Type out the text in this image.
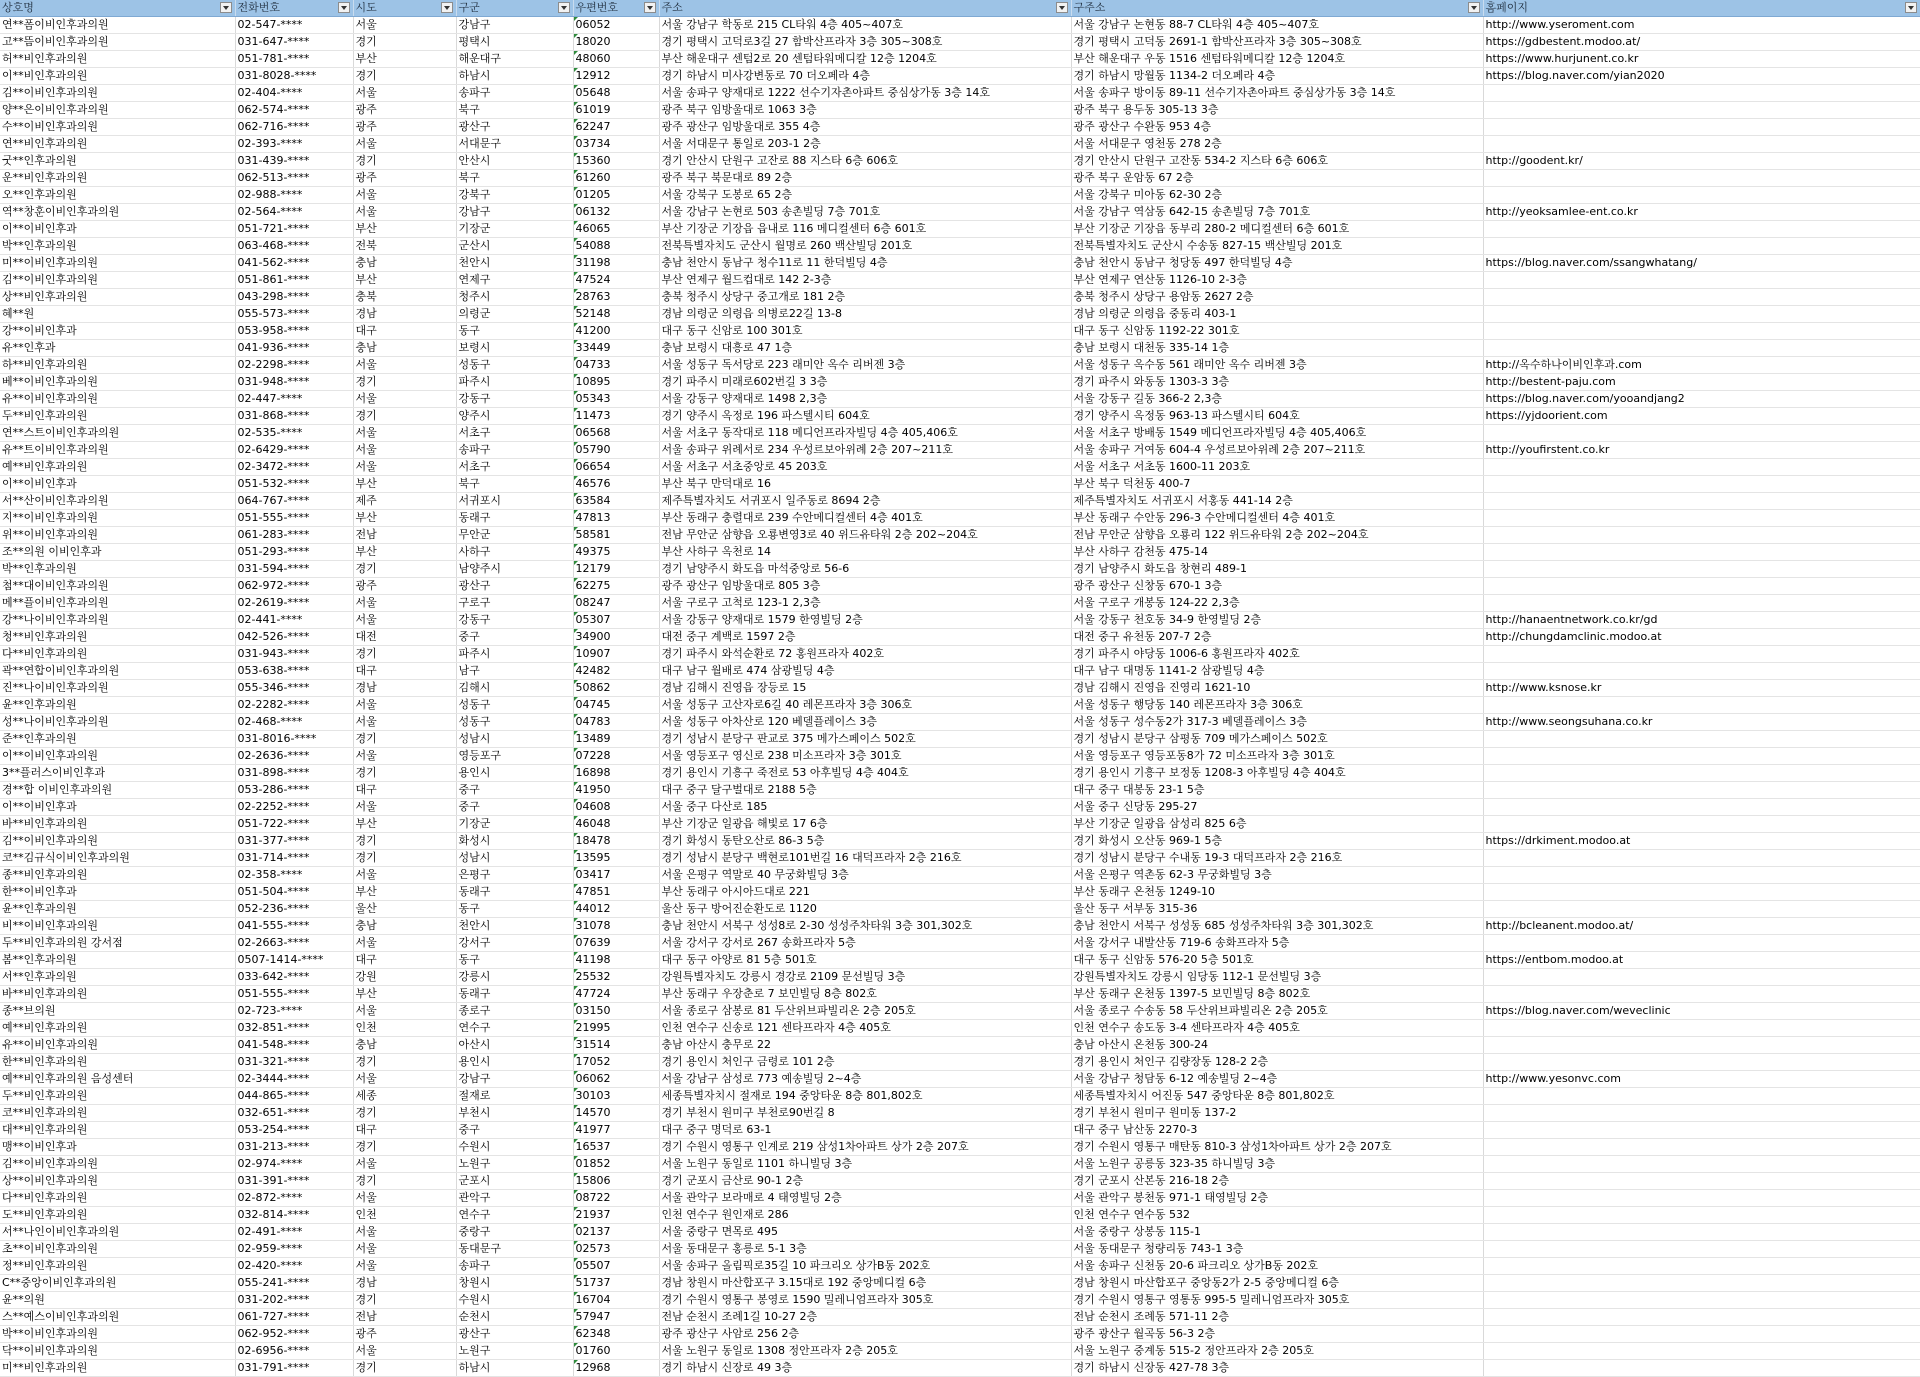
상호명	전화번호	시도	구군	우편번호	주소	구주소	홈페이지

연**폼이비인후과의원	02-547-****	서울	강남구	06052	서울 강남구 학동로 215 CL타워 4층 405~407호	서울 강남구 논현동 88-7 CL타워 4층 405~407호	http://www.yseroment.com
고**뜸이비인후과의원	031-647-****	경기	평택시	18020	경기 평택시 고덕로3길 27 함박산프라자 3층 305~308호	경기 평택시 고덕동 2691-1 함박산프라자 3층 305~308호	https://gdbestent.modoo.at/
허**비인후과의원	051-781-****	부산	해운대구	48060	부산 해운대구 센텀2로 20 센텀타워메디칼 12층 1204호	부산 해운대구 우동 1516 센텀타워메디칼 12층 1204호	https://www.hurjunent.co.kr
이**비인후과의원	031-8028-****	경기	하남시	12912	경기 하남시 미사강변동로 70 더오페라 4층	경기 하남시 망월동 1134-2 더오페라 4층	https://blog.naver.com/yian2020
김**이비인후과의원	02-404-****	서울	송파구	05648	서울 송파구 양재대로 1222 선수기자촌아파트 중심상가동 3층 14호	서울 송파구 방이동 89-11 선수기자촌아파트 중심상가동 3층 14호	
양**은이비인후과의원	062-574-****	광주	북구	61019	광주 북구 임방울대로 1063 3층	광주 북구 용두동 305-13 3층	
수**이비인후과의원	062-716-****	광주	광산구	62247	광주 광산구 임방울대로 355 4층	광주 광산구 수완동 953 4층	
연**비인후과의원	02-393-****	서울	서대문구	03734	서울 서대문구 통일로 203-1 2층	서울 서대문구 영천동 278 2층	
굿**인후과의원	031-439-****	경기	안산시	15360	경기 안산시 단원구 고잔로 88 지스타 6층 606호	경기 안산시 단원구 고잔동 534-2 지스타 6층 606호	http://goodent.kr/
운**비인후과의원	062-513-****	광주	북구	61260	광주 북구 북문대로 89 2층	광주 북구 운암동 67 2층	
오**인후과의원	02-988-****	서울	강북구	01205	서울 강북구 도봉로 65 2층	서울 강북구 미아동 62-30 2층	
역**창훈이비인후과의원	02-564-****	서울	강남구	06132	서울 강남구 논현로 503 송촌빌딩 7층 701호	서울 강남구 역삼동 642-15 송촌빌딩 7층 701호	http://yeoksamlee-ent.co.kr
이**이비인후과	051-721-****	부산	기장군	46065	부산 기장군 기장읍 읍내로 116 메디컬센터 6층 601호	부산 기장군 기장읍 동부리 280-2 메디컬센터 6층 601호	
박**인후과의원	063-468-****	전북	군산시	54088	전북특별자치도 군산시 월명로 260 백산빌딩 201호	전북특별자치도 군산시 수송동 827-15 백산빌딩 201호	
미**이비인후과의원	041-562-****	충남	천안시	31198	충남 천안시 동남구 청수11로 11 한덕빌딩 4층	충남 천안시 동남구 청당동 497 한덕빌딩 4층	https://blog.naver.com/ssangwhatang/
김**이비인후과의원	051-861-****	부산	연제구	47524	부산 연제구 월드컵대로 142 2-3층	부산 연제구 연산동 1126-10 2-3층	
상**비인후과의원	043-298-****	충북	청주시	28763	충북 청주시 상당구 중고개로 181 2층	충북 청주시 상당구 용암동 2627 2층	
혜**원	055-573-****	경남	의령군	52148	경남 의령군 의령읍 의병로22길 13-8	경남 의령군 의령읍 중동리 403-1	
강**이비인후과	053-958-****	대구	동구	41200	대구 동구 신암로 100 301호	대구 동구 신암동 1192-22 301호	
유**인후과	041-936-****	충남	보령시	33449	충남 보령시 대흥로 47 1층	충남 보령시 대천동 335-14 1층	
하**비인후과의원	02-2298-****	서울	성동구	04733	서울 성동구 독서당로 223 래미안 옥수 리버젠 3층	서울 성동구 옥수동 561 래미안 옥수 리버젠 3층	http://옥수하나이비인후과.com
베**이비인후과의원	031-948-****	경기	파주시	10895	경기 파주시 미래로602번길 3 3층	경기 파주시 와동동 1303-3 3층	http://bestent-paju.com
유**이비인후과의원	02-447-****	서울	강동구	05343	서울 강동구 양재대로 1498 2,3층	서울 강동구 길동 366-2 2,3층	https://blog.naver.com/yooandjang2
두**비인후과의원	031-868-****	경기	양주시	11473	경기 양주시 옥정로 196 파스텔시티 604호	경기 양주시 옥정동 963-13 파스텔시티 604호	https://yjdoorient.com
연**스트이비인후과의원	02-535-****	서울	서초구	06568	서울 서초구 동작대로 118 메디언프라자빌딩 4층 405,406호	서울 서초구 방배동 1549 메디언프라자빌딩 4층 405,406호	
유**트이비인후과의원	02-6429-****	서울	송파구	05790	서울 송파구 위례서로 234 우성르보아위례 2층 207~211호	서울 송파구 거여동 604-4 우성르보아위례 2층 207~211호	http://youfirstent.co.kr
예**비인후과의원	02-3472-****	서울	서초구	06654	서울 서초구 서초중앙로 45 203호	서울 서초구 서초동 1600-11 203호	
이**이비인후과	051-532-****	부산	북구	46576	부산 북구 만덕대로 16	부산 북구 덕천동 400-7	
서**산이비인후과의원	064-767-****	제주	서귀포시	63584	제주특별자치도 서귀포시 일주동로 8694 2층	제주특별자치도 서귀포시 서홍동 441-14 2층	
지**이비인후과의원	051-555-****	부산	동래구	47813	부산 동래구 충렬대로 239 수안메디컬센터 4층 401호	부산 동래구 수안동 296-3 수안메디컬센터 4층 401호	
위**이비인후과의원	061-283-****	전남	무안군	58581	전남 무안군 삼향읍 오룡변영3로 40 위드유타워 2층 202~204호	전남 무안군 삼향읍 오룡리 122 위드유타워 2층 202~204호	
조**의원 이비인후과	051-293-****	부산	사하구	49375	부산 사하구 옥천로 14	부산 사하구 감천동 475-14	
박**인후과의원	031-594-****	경기	남양주시	12179	경기 남양주시 화도읍 마석중앙로 56-6	경기 남양주시 화도읍 창현리 489-1	
첨**대이비인후과의원	062-972-****	광주	광산구	62275	광주 광산구 임방울대로 805 3층	광주 광산구 신창동 670-1 3층	
메**플이비인후과의원	02-2619-****	서울	구로구	08247	서울 구로구 고척로 123-1 2,3층	서울 구로구 개봉동 124-22 2,3층	
강**나이비인후과의원	02-441-****	서울	강동구	05307	서울 강동구 양재대로 1579 한영빌딩 2층	서울 강동구 천호동 34-9 한영빌딩 2층	http://hanaentnetwork.co.kr/gd
청**비인후과의원	042-526-****	대전	중구	34900	대전 중구 계백로 1597 2층	대전 중구 유천동 207-7 2층	http://chungdamclinic.modoo.at
다**비인후과의원	031-943-****	경기	파주시	10907	경기 파주시 와석순환로 72 홍원프라자 402호	경기 파주시 야당동 1006-6 홍원프라자 402호	
곽**연합이비인후과의원	053-638-****	대구	남구	42482	대구 남구 월배로 474 삼광빌딩 4층	대구 남구 대명동 1141-2 삼광빌딩 4층	
진**나이비인후과의원	055-346-****	경남	김해시	50862	경남 김해시 진영읍 장등로 15	경남 김해시 진영읍 진영리 1621-10	http://www.ksnose.kr
윤**인후과의원	02-2282-****	서울	성동구	04745	서울 성동구 고산자로6길 40 레몬프라자 3층 306호	서울 성동구 행당동 140 레몬프라자 3층 306호	
성**나이비인후과의원	02-468-****	서울	성동구	04783	서울 성동구 아차산로 120 베델플레이스 3층	서울 성동구 성수동2가 317-3 베델플레이스 3층	http://www.seongsuhana.co.kr
준**인후과의원	031-8016-****	경기	성남시	13489	경기 성남시 분당구 판교로 375 메가스페이스 502호	경기 성남시 분당구 삼평동 709 메가스페이스 502호	
이**이비인후과의원	02-2636-****	서울	영등포구	07228	서울 영등포구 영신로 238 미소프라자 3층 301호	서울 영등포구 영등포동8가 72 미소프라자 3층 301호	
3**플러스이비인후과	031-898-****	경기	용인시	16898	경기 용인시 기흥구 죽전로 53 아후빌딩 4층 404호	경기 용인시 기흥구 보정동 1208-3 아후빌딩 4층 404호	
경**합 이비인후과의원	053-286-****	대구	중구	41950	대구 중구 달구벌대로 2188 5층	대구 중구 대봉동 23-1 5층	
이**이비인후과	02-2252-****	서울	중구	04608	서울 중구 다산로 185	서울 중구 신당동 295-27	
바**비인후과의원	051-722-****	부산	기장군	46048	부산 기장군 일광읍 해빛로 17 6층	부산 기장군 일광읍 삼성리 825 6층	
김**이비인후과의원	031-377-****	경기	화성시	18478	경기 화성시 동탄오산로 86-3 5층	경기 화성시 오산동 969-1 5층	https://drkiment.modoo.at
코**김규식이비인후과의원	031-714-****	경기	성남시	13595	경기 성남시 분당구 백현로101번길 16 대덕프라자 2층 216호	경기 성남시 분당구 수내동 19-3 대덕프라자 2층 216호	
종**비인후과의원	02-358-****	서울	은평구	03417	서울 은평구 역말로 40 무궁화빌딩 3층	서울 은평구 역촌동 62-3 무궁화빌딩 3층	
한**이비인후과	051-504-****	부산	동래구	47851	부산 동래구 아시아드대로 221	부산 동래구 온천동 1249-10	
윤**인후과의원	052-236-****	울산	동구	44012	울산 동구 방어진순환도로 1120	울산 동구 서부동 315-36	
비**이비인후과의원	041-555-****	충남	천안시	31078	충남 천안시 서북구 성성8로 2-30 성성주차타워 3층 301,302호	충남 천안시 서북구 성성동 685 성성주차타워 3층 301,302호	http://bcleanent.modoo.at/
두**비인후과의원 강서점	02-2663-****	서울	강서구	07639	서울 강서구 강서로 267 송화프라자 5층	서울 강서구 내발산동 719-6 송화프라자 5층	
봄**인후과의원	0507-1414-****	대구	동구	41198	대구 동구 아양로 81 5층 501호	대구 동구 신암동 576-20 5층 501호	https://entbom.modoo.at
서**인후과의원	033-642-****	강원	강릉시	25532	강원특별자치도 강릉시 경강로 2109 문선빌딩 3층	강원특별자치도 강릉시 임당동 112-1 문선빌딩 3층	
바**비인후과의원	051-555-****	부산	동래구	47724	부산 동래구 우장춘로 7 보민빌딩 8층 802호	부산 동래구 온천동 1397-5 보민빌딩 8층 802호	
종**브의원	02-723-****	서울	종로구	03150	서울 종로구 삼봉로 81 두산위브파빌리온 2층 205호	서울 종로구 수송동 58 두산위브파빌리온 2층 205호	https://blog.naver.com/weveclinic
예**비인후과의원	032-851-****	인천	연수구	21995	인천 연수구 신송로 121 센타프라자 4층 405호	인천 연수구 송도동 3-4 센타프라자 4층 405호	
유**이비인후과의원	041-548-****	충남	아산시	31514	충남 아산시 충무로 22	충남 아산시 온천동 300-24	
한**비인후과의원	031-321-****	경기	용인시	17052	경기 용인시 처인구 금령로 101 2층	경기 용인시 처인구 김량장동 128-2 2층	
예**비인후과의원 음성센터	02-3444-****	서울	강남구	06062	서울 강남구 삼성로 773 예송빌딩 2~4층	서울 강남구 청담동 6-12 예송빌딩 2~4층	http://www.yesonvc.com
두**비인후과의원	044-865-****	세종	절재로	30103	세종특별자치시 절재로 194 중앙타운 8층 801,802호	세종특별자치시 어진동 547 중앙타운 8층 801,802호	
코**비인후과의원	032-651-****	경기	부천시	14570	경기 부천시 원미구 부천로90번길 8	경기 부천시 원미구 원미동 137-2	
대**비인후과의원	053-254-****	대구	중구	41977	대구 중구 명덕로 63-1	대구 중구 남산동 2270-3	
맹**이비인후과	031-213-****	경기	수원시	16537	경기 수원시 영통구 인계로 219 삼성1차아파트 상가 2층 207호	경기 수원시 영통구 매탄동 810-3 삼성1차아파트 상가 2층 207호	
김**이비인후과의원	02-974-****	서울	노원구	01852	서울 노원구 동일로 1101 하니빌딩 3층	서울 노원구 공릉동 323-35 하니빌딩 3층	
상**이비인후과의원	031-391-****	경기	군포시	15806	경기 군포시 금산로 90-1 2층	경기 군포시 산본동 216-18 2층	
다**비인후과의원	02-872-****	서울	관악구	08722	서울 관악구 보라매로 4 태영빌딩 2층	서울 관악구 봉천동 971-1 태영빌딩 2층	
도**비인후과의원	032-814-****	인천	연수구	21937	인천 연수구 원인재로 286	인천 연수구 연수동 532	
서**나인이비인후과의원	02-491-****	서울	중랑구	02137	서울 중랑구 면목로 495	서울 중랑구 상봉동 115-1	
초**이비인후과의원	02-959-****	서울	동대문구	02573	서울 동대문구 홍릉로 5-1 3층	서울 동대문구 청량리동 743-1 3층	
정**비인후과의원	02-420-****	서울	송파구	05507	서울 송파구 올림픽로35길 10 파크리오 상가B동 202호	서울 송파구 신천동 20-6 파크리오 상가B동 202호	
C**중앙이비인후과의원	055-241-****	경남	창원시	51737	경남 창원시 마산합포구 3.15대로 192 중앙메디컬 6층	경남 창원시 마산합포구 중앙동2가 2-5 중앙메디컬 6층	
윤**의원	031-202-****	경기	수원시	16704	경기 수원시 영통구 봉영로 1590 밀레니엄프라자 305호	경기 수원시 영통구 영통동 995-5 밀레니엄프라자 305호	
스**예스이비인후과의원	061-727-****	전남	순천시	57947	전남 순천시 조례1길 10-27 2층	전남 순천시 조례동 571-11 2층	
박**이비인후과의원	062-952-****	광주	광산구	62348	광주 광산구 사암로 256 2층	광주 광산구 월곡동 56-3 2층	
닥**이비인후과의원	02-6956-****	서울	노원구	01760	서울 노원구 동일로 1308 정안프라자 2층 205호	서울 노원구 중계동 515-2 정안프라자 2층 205호	
미**비인후과의원	031-791-****	경기	하남시	12968	경기 하남시 신장로 49 3층	경기 하남시 신장동 427-78 3층	
